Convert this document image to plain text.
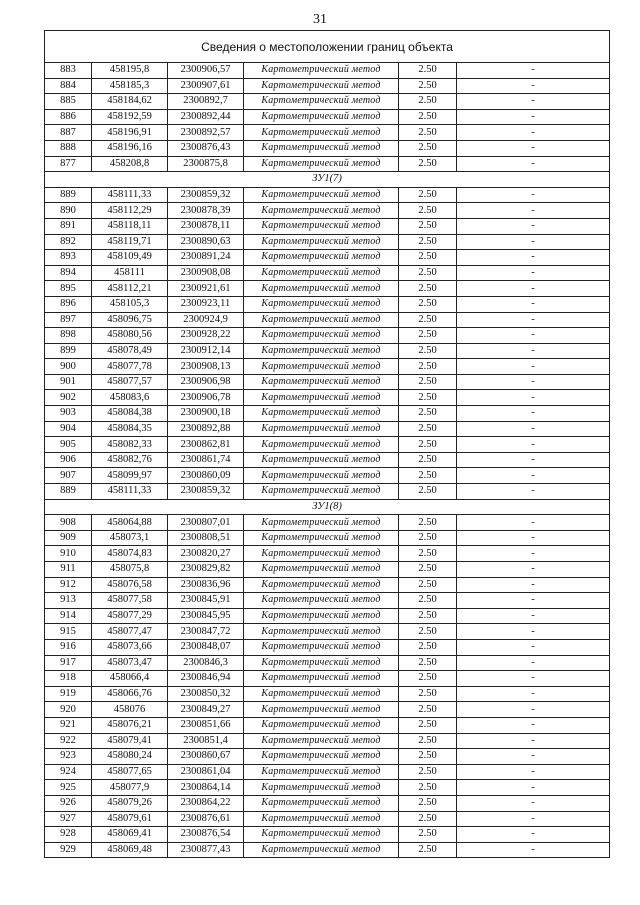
31
Сведения о местоположении границ объекта					
883	458195,8	2300906,57	Картометрический метод	2.50	-
884	458185,3	2300907,61	Картометрический метод	2.50	-
885	458184,62	2300892,7	Картометрический метод	2.50	-
886	458192,59	2300892,44	Картометрический метод	2.50	-
887	458196,91	2300892,57	Картометрический метод	2.50	-
888	458196,16	2300876,43	Картометрический метод	2.50	-
877	458208,8	2300875,8	Картометрический метод	2.50	-
ЗУ1(7)					
889	458111,33	2300859,32	Картометрический метод	2.50	-
890	458112,29	2300878,39	Картометрический метод	2.50	-
891	458118,11	2300878,11	Картометрический метод	2.50	-
892	458119,71	2300890,63	Картометрический метод	2.50	-
893	458109,49	2300891,24	Картометрический метод	2.50	-
894	458111	2300908,08	Картометрический метод	2.50	-
895	458112,21	2300921,61	Картометрический метод	2.50	-
896	458105,3	2300923,11	Картометрический метод	2.50	-
897	458096,75	2300924,9	Картометрический метод	2.50	-
898	458080,56	2300928,22	Картометрический метод	2.50	-
899	458078,49	2300912,14	Картометрический метод	2.50	-
900	458077,78	2300908,13	Картометрический метод	2.50	-
901	458077,57	2300906,98	Картометрический метод	2.50	-
902	458083,6	2300906,78	Картометрический метод	2.50	-
903	458084,38	2300900,18	Картометрический метод	2.50	-
904	458084,35	2300892,88	Картометрический метод	2.50	-
905	458082,33	2300862,81	Картометрический метод	2.50	-
906	458082,76	2300861,74	Картометрический метод	2.50	-
907	458099,97	2300860,09	Картометрический метод	2.50	-
889	458111,33	2300859,32	Картометрический метод	2.50	-
ЗУ1(8)					
908	458064,88	2300807,01	Картометрический метод	2.50	-
909	458073,1	2300808,51	Картометрический метод	2.50	-
910	458074,83	2300820,27	Картометрический метод	2.50	-
911	458075,8	2300829,82	Картометрический метод	2.50	-
912	458076,58	2300836,96	Картометрический метод	2.50	-
913	458077,58	2300845,91	Картометрический метод	2.50	-
914	458077,29	2300845,95	Картометрический метод	2.50	-
915	458077,47	2300847,72	Картометрический метод	2.50	-
916	458073,66	2300848,07	Картометрический метод	2.50	-
917	458073,47	2300846,3	Картометрический метод	2.50	-
918	458066,4	2300846,94	Картометрический метод	2.50	-
919	458066,76	2300850,32	Картометрический метод	2.50	-
920	458076	2300849,27	Картометрический метод	2.50	-
921	458076,21	2300851,66	Картометрический метод	2.50	-
922	458079,41	2300851,4	Картометрический метод	2.50	-
923	458080,24	2300860,67	Картометрический метод	2.50	-
924	458077,65	2300861,04	Картометрический метод	2.50	-
925	458077,9	2300864,14	Картометрический метод	2.50	-
926	458079,26	2300864,22	Картометрический метод	2.50	-
927	458079,61	2300876,61	Картометрический метод	2.50	-
928	458069,41	2300876,54	Картометрический метод	2.50	-
929	458069,48	2300877,43	Картометрический метод	2.50	-
